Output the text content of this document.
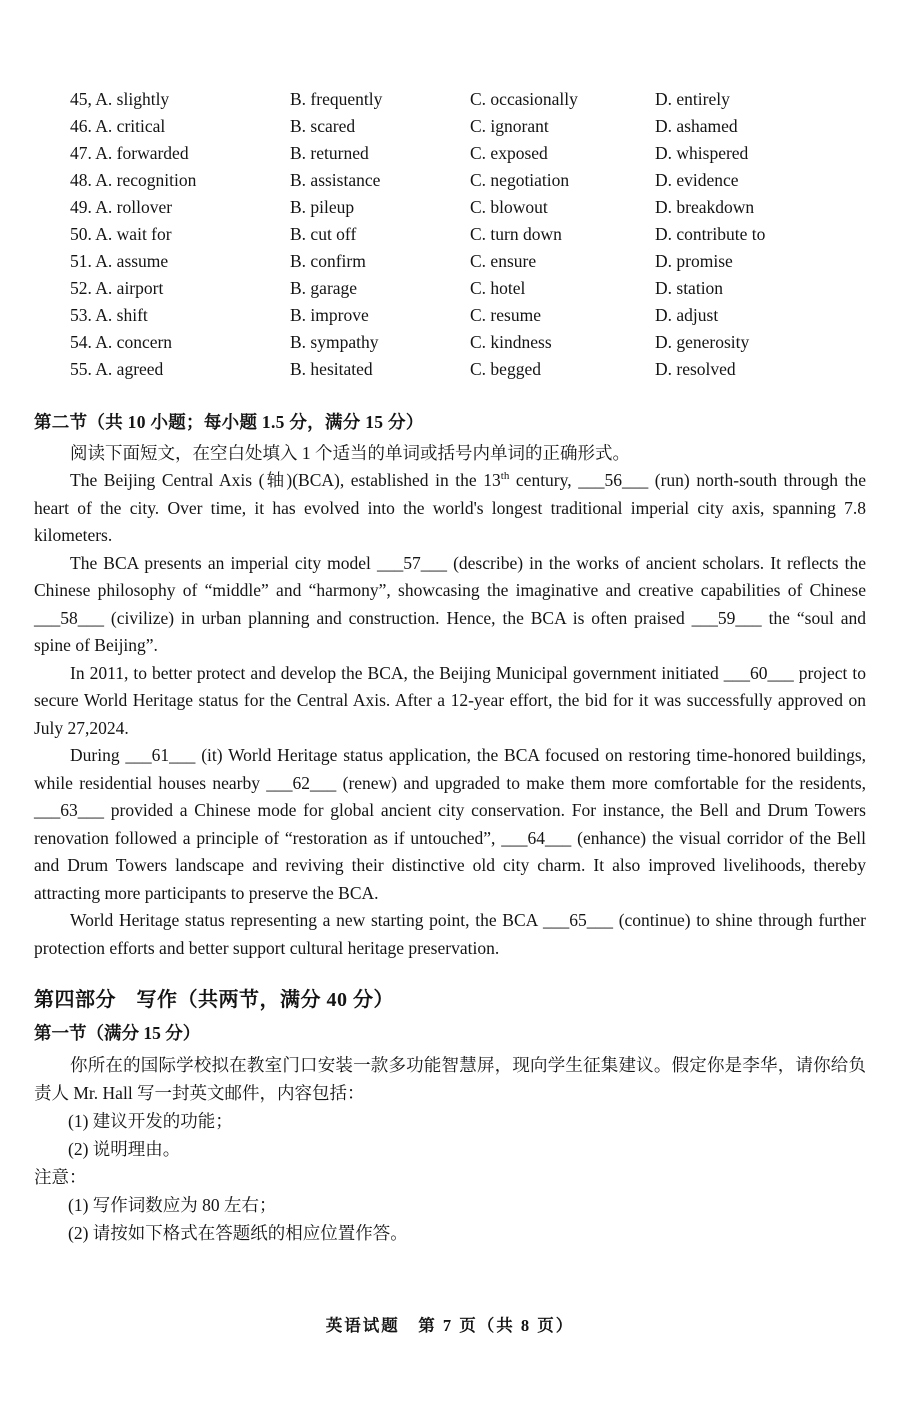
45, A. slightly	B. frequently	C. occasionally	D. entirely
46. A. critical	B. scared	C. ignorant	D. ashamed
47. A. forwarded	B. returned	C. exposed	D. whispered
48. A. recognition	B. assistance	C. negotiation	D. evidence
49. A. rollover	B. pileup	C. blowout	D. breakdown
50. A. wait for	B. cut off	C. turn down	D. contribute to
51. A. assume	B. confirm	C. ensure	D. promise
52. A. airport	B. garage	C. hotel	D. station
53. A. shift	B. improve	C. resume	D. adjust
54. A. concern	B. sympathy	C. kindness	D. generosity
55. A. agreed	B. hesitated	C. begged	D. resolved
第二节（共 10 小题；每小题 1.5 分，满分 15 分）

阅读下面短文，在空白处填入 1 个适当的单词或括号内单词的正确形式。

The Beijing Central Axis (轴)(BCA), established in the 13th century, ___56___ (run) north-south through the heart of the city. Over time, it has evolved into the world's longest traditional imperial city axis, spanning 7.8 kilometers.

The BCA presents an imperial city model ___57___ (describe) in the works of ancient scholars. It reflects the Chinese philosophy of “middle” and “harmony”, showcasing the imaginative and creative capabilities of Chinese ___58___ (civilize) in urban planning and construction. Hence, the BCA is often praised ___59___ the “soul and spine of Beijing”.

In 2011, to better protect and develop the BCA, the Beijing Municipal government initiated ___60___ project to secure World Heritage status for the Central Axis. After a 12-year effort, the bid for it was successfully approved on July 27,2024.

During ___61___ (it) World Heritage status application, the BCA focused on restoring time-honored buildings, while residential houses nearby ___62___ (renew) and upgraded to make them more comfortable for the residents, ___63___ provided a Chinese mode for global ancient city conservation. For instance, the Bell and Drum Towers renovation followed a principle of “restoration as if untouched”, ___64___ (enhance) the visual corridor of the Bell and Drum Towers landscape and reviving their distinctive old city charm. It also improved livelihoods, thereby attracting more participants to preserve the BCA.

World Heritage status representing a new starting point, the BCA ___65___ (continue) to shine through further protection efforts and better support cultural heritage preservation.

第四部分　写作（共两节，满分 40 分）
第一节（满分 15 分）

你所在的国际学校拟在教室门口安装一款多功能智慧屏，现向学生征集建议。假定你是李华，请你给负责人 Mr. Hall 写一封英文邮件，内容包括：

(1) 建议开发的功能；
(2) 说明理由。
注意：
(1) 写作词数应为 80 左右；
(2) 请按如下格式在答题纸的相应位置作答。
英语试题　第 7 页（共 8 页）
